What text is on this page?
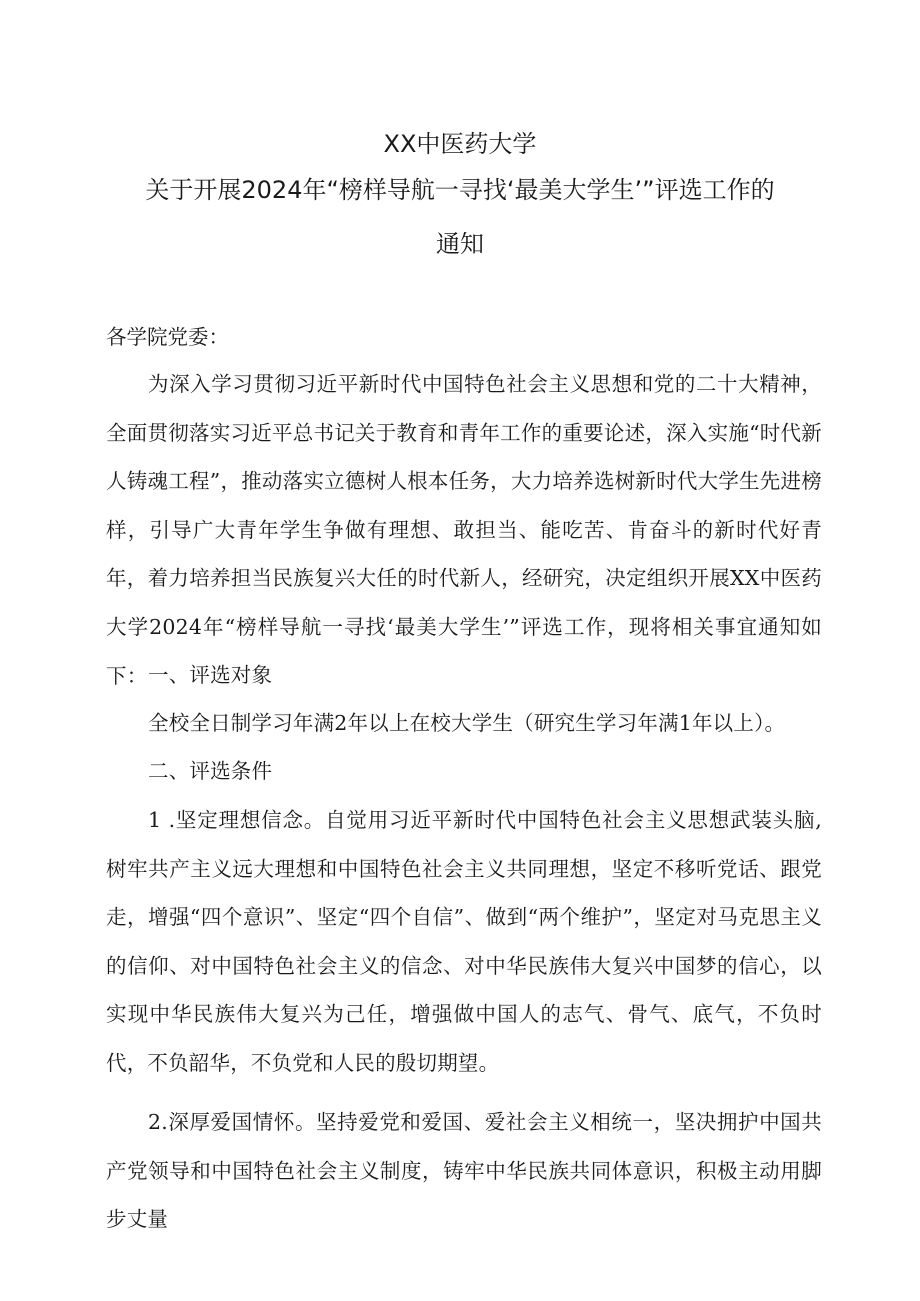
XX中医药大学
关于开展2024年“榜样导航一寻找‘最美大学生’”评选工作的
通知
各学院党委：

为深入学习贯彻习近平新时代中国特色社会主义思想和党的二十大精神，全面贯彻落实习近平总书记关于教育和青年工作的重要论述，深入实施“时代新人铸魂工程”，推动落实立德树人根本任务，大力培养选树新时代大学生先进榜样，引导广大青年学生争做有理想、敢担当、能吃苦、肯奋斗的新时代好青年，着力培养担当民族复兴大任的时代新人，经研究，决定组织开展XX中医药大学2024年“榜样导航一寻找‘最美大学生’”评选工作，现将相关事宜通知如下： 一、评选对象

全校全日制学习年满2年以上在校大学生（研究生学习年满1年以上）。

二、评选条件

1 .坚定理想信念。自觉用习近平新时代中国特色社会主义思想武装头脑,树牢共产主义远大理想和中国特色社会主义共同理想，坚定不移听党话、跟党走，增强“四个意识”、坚定“四个自信”、做到“两个维护”，坚定对马克思主义的信仰、对中国特色社会主义的信念、对中华民族伟大复兴中国梦的信心，以实现中华民族伟大复兴为己任，增强做中国人的志气、骨气、底气，不负时代，不负韶华，不负党和人民的殷切期望。

2.深厚爱国情怀。坚持爱党和爱国、爱社会主义相统一，坚决拥护中国共产党领导和中国特色社会主义制度，铸牢中华民族共同体意识，积极主动用脚步丈量
